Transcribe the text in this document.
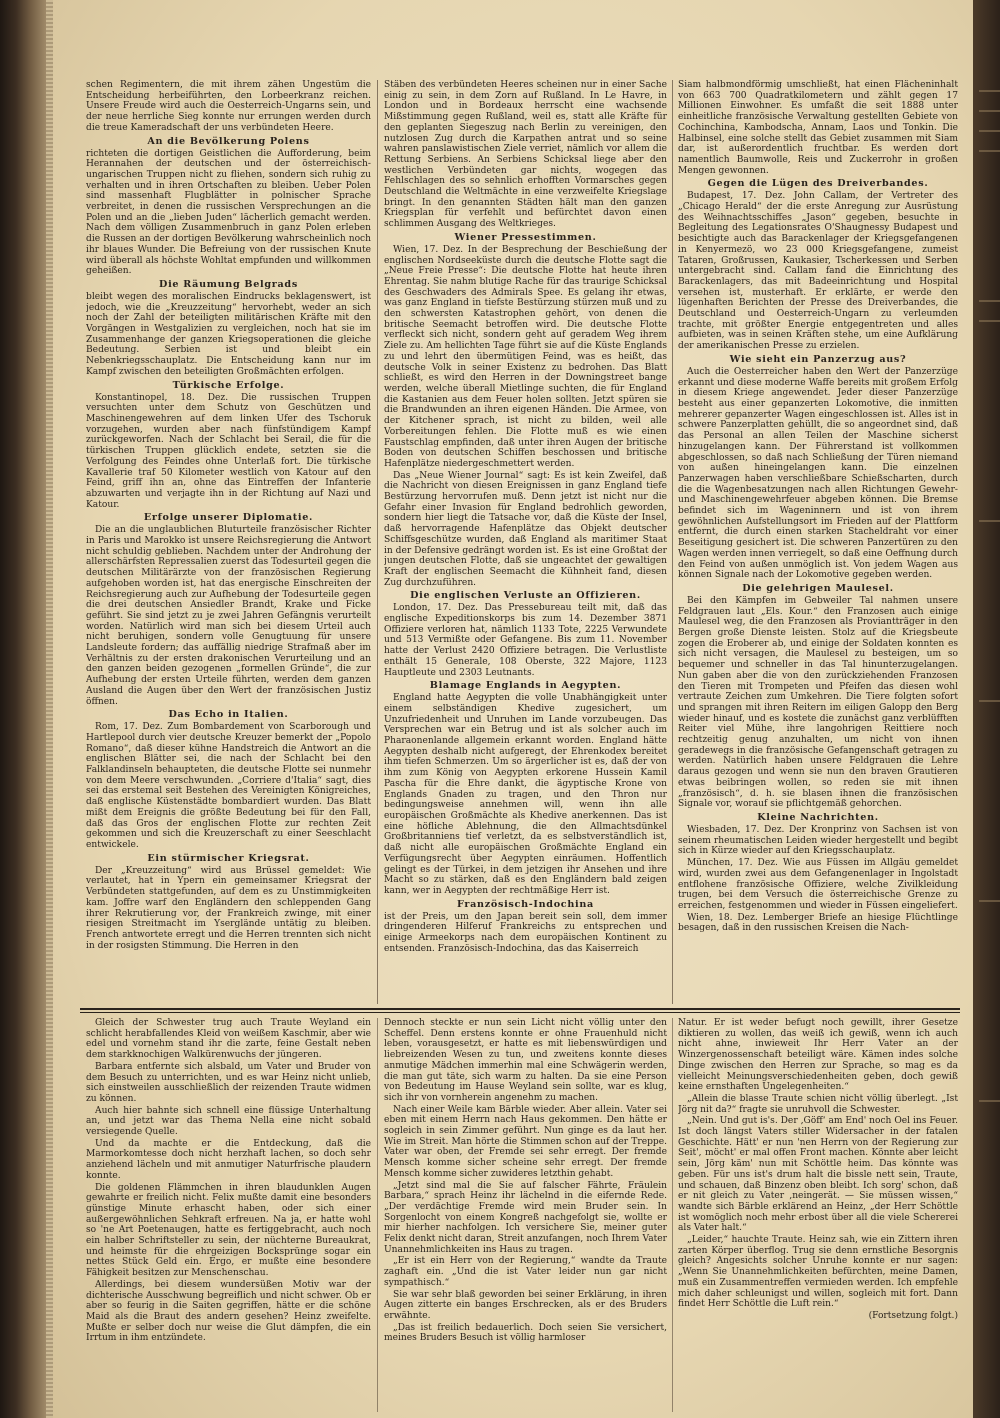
schen Regimentern, die mit ihrem zähen Ungestüm die Entscheidung herbeiführten, den Lorbeerkranz reichen. Unsere Freude wird auch die Oesterreich-Ungarns sein, und der neue herrliche Sieg konnte nur errungen werden durch die treue Kameradschaft der uns verbündeten Heere.

An die Bevölkerung Polens

richteten die dortigen Geistlichen die Aufforderung, beim Herannahen der deutschen und der österreichisch-ungarischen Truppen nicht zu fliehen, sondern sich ruhig zu verhalten und in ihren Ortschaften zu bleiben. Ueber Polen sind massenhaft Flugblätter in polnischer Sprache verbreitet, in denen die russischen Versprechungen an die Polen und an die „lieben Juden“ lächerlich gemacht werden. Nach dem völligen Zusammenbruch in ganz Polen erleben die Russen an der dortigen Bevölkerung wahrscheinlich noch ihr blaues Wunder. Die Befreiung von der russischen Knute wird überall als höchste Wohltat empfunden und willkommen geheißen.

Die Räumung Belgrads

bleibt wegen des moralischen Eindrucks beklagenswert, ist jedoch, wie die „Kreuzzeitung“ hervorhebt, weder an sich noch der Zahl der beteiligten militärischen Kräfte mit den Vorgängen in Westgalizien zu vergleichen, noch hat sie im Zusammenhange der ganzen Kriegsoperationen die gleiche Bedeutung. Serbien ist und bleibt ein Nebenkriegsschauplatz. Die Entscheidung kann nur im Kampf zwischen den beteiligten Großmächten erfolgen.

Türkische Erfolge.

Konstantinopel, 18. Dez. Die russischen Truppen versuchten unter dem Schutz von Geschützen und Maschinengewehren auf dem linken Ufer des Tschoruk vorzugehen, wurden aber nach fünfstündigem Kampf zurückgeworfen. Nach der Schlacht bei Serail, die für die türkischen Truppen glücklich endete, setzten sie die Verfolgung des Feindes ohne Unterlaß fort. Die türkische Kavallerie traf 50 Kilometer westlich von Katour auf den Feind, griff ihn an, ohne das Eintreffen der Infanterie abzuwarten und verjagte ihn in der Richtung auf Nazi und Katour.

Erfolge unserer Diplomatie.

Die an die unglaublichen Bluturteile französischer Richter in Paris und Marokko ist unsere Reichsregierung die Antwort nicht schuldig geblieben. Nachdem unter der Androhung der allerschärfsten Repressalien zuerst das Todesurteil gegen die deutschen Militärärzte von der französischen Regierung aufgehoben worden ist, hat das energische Einschreiten der Reichsregierung auch zur Aufhebung der Todesurteile gegen die drei deutschen Ansiedler Brandt, Krake und Ficke geführt. Sie sind jetzt zu je zwei Jahren Gefängnis verurteilt worden. Natürlich wird man sich bei diesem Urteil auch nicht beruhigen, sondern volle Genugtuung für unsere Landsleute fordern; das auffällig niedrige Strafmaß aber im Verhältnis zu der ersten drakonischen Verurteilung und an den ganzen beiden gezogenen „formellen Gründe“, die zur Aufhebung der ersten Urteile führten, werden dem ganzen Ausland die Augen über den Wert der französischen Justiz öffnen.

Das Echo in Italien.

Rom, 17. Dez. Zum Bombardement von Scarborough und Hartlepool durch vier deutsche Kreuzer bemerkt der „Popolo Romano“, daß dieser kühne Handstreich die Antwort an die englischen Blätter sei, die nach der Schlacht bei den Falklandinseln behaupteten, die deutsche Flotte sei nunmehr von dem Meere verschwunden. „Corriere d'Italia“ sagt, dies sei das erstemal seit Bestehen des Vereinigten Königreiches, daß englische Küstenstädte bombardiert wurden. Das Blatt mißt dem Ereignis die größte Bedeutung bei für den Fall, daß das Gros der englischen Flotte zur rechten Zeit gekommen und sich die Kreuzerschaft zu einer Seeschlacht entwickele.

Ein stürmischer Kriegsrat.

Der „Kreuzzeitung“ wird aus Brüssel gemeldet: Wie verlautet, hat in Ypern ein gemeinsamer Kriegsrat der Verbündeten stattgefunden, auf dem es zu Unstimmigkeiten kam. Joffre warf den Engländern den schleppenden Gang ihrer Rekrutierung vor, der Frankreich zwinge, mit einer riesigen Streitmacht im Yserglände untätig zu bleiben. French antwortete erregt und die Herren trennten sich nicht in der rosigsten Stimmung. Die Herren in den

Stäben des verbündeten Heeres scheinen nur in einer Sache einig zu sein, in dem Zorn auf Rußland. In Le Havre, in London und in Bordeaux herrscht eine wachsende Mißstimmung gegen Rußland, weil es, statt alle Kräfte für den geplanten Siegeszug nach Berlin zu vereinigen, den nutzlosen Zug durch die Karpathen antrat und so seine wahren panslawistischen Ziele verriet, nämlich vor allem die Rettung Serbiens. An Serbiens Schicksal liege aber den westlichen Verbündeten gar nichts, wogegen das Fehlschlagen des so sehnlich erhofften Vormarsches gegen Deutschland die Weltmächte in eine verzweifelte Kriegslage bringt. In den genannten Städten hält man den ganzen Kriegsplan für verfehlt und befürchtet davon einen schlimmen Ausgang des Weltkrieges.

Wiener Pressestimmen.

Wien, 17. Dez. In der Besprechung der Beschießung der englischen Nordseeküste durch die deutsche Flotte sagt die „Neue Freie Presse“: Die deutsche Flotte hat heute ihren Ehrentag. Sie nahm blutige Rache für das traurige Schicksal des Geschwaders des Admirals Spee. Es gelang ihr etwas, was ganz England in tiefste Bestürzung stürzen muß und zu den schwersten Katastrophen gehört, von denen die britische Seemacht betroffen wird. Die deutsche Flotte verfleckt sich nicht, sondern geht auf geradem Weg ihrem Ziele zu. Am hellichten Tage führt sie auf die Küste Englands zu und lehrt den übermütigen Feind, was es heißt, das deutsche Volk in seiner Existenz zu bedrohen. Das Blatt schließt, es wird den Herren in der Downingstreet bange werden, welche überall Mietlinge suchten, die für England die Kastanien aus dem Feuer holen sollten. Jetzt spüren sie die Brandwunden an ihren eigenen Händen. Die Armee, von der Kitchener sprach, ist nicht zu bilden, weil alle Vorbereitungen fehlen. Die Flotte muß es wie einen Faustschlag empfinden, daß unter ihren Augen der britische Boden von deutschen Schiffen beschossen und britische Hafenplätze niedergeschmettert werden.

Das „Neue Wiener Journal“ sagt: Es ist kein Zweifel, daß die Nachricht von diesen Ereignissen in ganz England tiefe Bestürzung hervorrufen muß. Denn jetzt ist nicht nur die Gefahr einer Invasion für England bedrohlich geworden, sondern hier liegt die Tatsache vor, daß die Küste der Insel, daß hervorragende Hafenplätze das Objekt deutscher Schiffsgeschütze wurden, daß England als maritimer Staat in der Defensive gedrängt worden ist. Es ist eine Großtat der jungen deutschen Flotte, daß sie ungeachtet der gewaltigen Kraft der englischen Seemacht die Kühnheit fand, diesen Zug durchzuführen.

Die englischen Verluste an Offizieren.

London, 17. Dez. Das Pressebureau teilt mit, daß das englische Expeditionskorps bis zum 14. Dezember 3871 Offiziere verloren hat, nämlich 1133 Tote, 2225 Verwundete und 513 Vermißte oder Gefangene. Bis zum 11. November hatte der Verlust 2420 Offiziere betragen. Die Verlustliste enthält 15 Generale, 108 Oberste, 322 Majore, 1123 Hauptleute und 2303 Leutnants.

Blamage Englands in Aegypten.

England hatte Aegypten die volle Unabhängigkeit unter einem selbständigen Khedive zugesichert, um Unzufriedenheit und Unruhen im Lande vorzubeugen. Das Versprechen war ein Betrug und ist als solcher auch im Pharaonenlande allgemein erkannt worden. England hätte Aegypten deshalb nicht aufgeregt, der Ehrenkodex bereitet ihm tiefen Schmerzen. Um so ärgerlicher ist es, daß der von ihm zum König von Aegypten erkorene Hussein Kamil Pascha für die Ehre dankt, die ägyptische Krone von Englands Gnaden zu tragen, und den Thron nur bedingungsweise annehmen will, wenn ihn alle europäischen Großmächte als Khedive anerkennen. Das ist eine höfliche Ablehnung, die den Allmachtsdünkel Großbritanniens tief verletzt, da es selbstverständlich ist, daß nicht alle europäischen Großmächte England ein Verfügungsrecht über Aegypten einräumen. Hoffentlich gelingt es der Türkei, in dem jetzigen ihr Ansehen und ihre Macht so zu stärken, daß es den Engländern bald zeigen kann, wer in Aegypten der rechtmäßige Herr ist.

Französisch-Indochina

ist der Preis, um den Japan bereit sein soll, dem immer dringenderen Hilferuf Frankreichs zu entsprechen und einige Armeekorps nach dem europäischen Kontinent zu entsenden. Französisch-Indochina, das das Kaiserreich

Siam halbmondförmig umschließt, hat einen Flächeninhalt von 663 700 Quadratkilometern und zählt gegen 17 Millionen Einwohner. Es umfaßt die seit 1888 unter einheitliche französische Verwaltung gestellten Gebiete von Cochinchina, Kambodscha, Annam, Laos und Tonkin. Die Halbinsel, eine solche stellt das Gebiet zusammen mit Siam dar, ist außerordentlich fruchtbar. Es werden dort namentlich Baumwolle, Reis und Zuckerrohr in großen Mengen gewonnen.

Gegen die Lügen des Dreiverbandes.

Budapest, 17. Dez. John Callam, der Vertreter des „Chicago Herald“ der die erste Anregung zur Ausrüstung des Weihnachtsschiffes „Jason“ gegeben, besuchte in Begleitung des Legationsrates O'Shaugnessy Budapest und besichtigte auch das Barackenlager der Kriegsgefangenen in Kenyermezö, wo 23 000 Kriegsgefangene, zumeist Tataren, Großrussen, Kaukasier, Tscherkessen und Serben untergebracht sind. Callam fand die Einrichtung des Barackenlagers, das mit Badeeinrichtung und Hospital versehen ist, musterhaft. Er erklärte, er werde den lügenhaften Berichten der Presse des Dreiverbandes, die Deutschland und Oesterreich-Ungarn zu verleumden trachte, mit größter Energie entgegentreten und alles aufbieten, was in seinen Kräften stehe, um eine Aufklärung der amerikanischen Presse zu erzielen.

Wie sieht ein Panzerzug aus?

Auch die Oesterreicher haben den Wert der Panzerzüge erkannt und diese moderne Waffe bereits mit großem Erfolg in diesem Kriege angewendet. Jeder dieser Panzerzüge besteht aus einer gepanzerten Lokomotive, die inmitten mehrerer gepanzerter Wagen eingeschlossen ist. Alles ist in schwere Panzerplatten gehüllt, die so angeordnet sind, daß das Personal an allen Teilen der Maschine sicherst hinzugelangen kann. Der Führerstand ist vollkommen abgeschlossen, so daß nach Schließung der Türen niemand von außen hineingelangen kann. Die einzelnen Panzerwagen haben verschließbare Schießscharten, durch die die Wagenbesatzungen nach allen Richtungen Gewehr- und Maschinengewehrfeuer abgeben können. Die Bremse befindet sich im Wageninnern und ist von ihrem gewöhnlichen Aufstellungsort im Frieden auf der Plattform entfernt, die durch einen starken Stacheldraht vor einer Beseitigung gesichert ist. Die schweren Panzertüren zu den Wagen werden innen verriegelt, so daß eine Oeffnung durch den Feind von außen unmöglich ist. Von jedem Wagen aus können Signale nach der Lokomotive gegeben werden.

Die gelehrigen Maulesel.

Bei den Kämpfen im Gebweiler Tal nahmen unsere Feldgrauen laut „Els. Kour.“ den Franzosen auch einige Maulesel weg, die den Franzosen als Proviantträger in den Bergen große Dienste leisten. Stolz auf die Kriegsbeute zogen die Eroberer ab, und einige der Soldaten konnten es sich nicht versagen, die Maulesel zu besteigen, um so bequemer und schneller in das Tal hinunterzugelangen. Nun gaben aber die von den zurückziehenden Franzosen den Tieren mit Trompeten und Pfeifen das diesen wohl vertraute Zeichen zum Umkehren. Die Tiere folgten sofort und sprangen mit ihren Reitern im eiligen Galopp den Berg wieder hinauf, und es kostete die zunächst ganz verblüfften Reiter viel Mühe, ihre langohrigen Reittiere noch rechtzeitig genug anzuhalten, um nicht von ihnen geradewegs in die französische Gefangenschaft getragen zu werden. Natürlich haben unsere Feldgrauen die Lehre daraus gezogen und wenn sie nun den braven Grautieren etwas beibringen wollen, so reden sie mit ihnen „französisch“, d. h. sie blasen ihnen die französischen Signale vor, worauf sie pflichtgemäß gehorchen.

Kleine Nachrichten.

Wiesbaden, 17. Dez. Der Kronprinz von Sachsen ist von seinem rheumatischen Leiden wieder hergestellt und begibt sich in Kürze wieder auf den Kriegsschauplatz.

München, 17. Dez. Wie aus Füssen im Allgäu gemeldet wird, wurden zwei aus dem Gefangenenlager in Ingolstadt entflohene französische Offiziere, welche Zivilkleidung trugen, bei dem Versuch die österreichische Grenze zu erreichen, festgenommen und wieder in Füssen eingeliefert.

Wien, 18. Dez. Lemberger Briefe an hiesige Flüchtlinge besagen, daß in den russischen Kreisen die Nach-

Gleich der Schwester trug auch Traute Weyland ein schlicht herabfallendes Kleid von weißem Kaschmir, aber wie edel und vornehm stand ihr die zarte, feine Gestalt neben dem starkknochigen Walkürenwuchs der jüngeren.

Barbara entfernte sich alsbald, um Vater und Bruder von dem Besuch zu unterrichten, und es war Heinz nicht unlieb, sich einstweilen ausschließlich der reizenden Traute widmen zu können.

Auch hier bahnte sich schnell eine flüssige Unterhaltung an, und jetzt war das Thema Nella eine nicht sobald versiegende Quelle.

Und da machte er die Entdeckung, daß die Marmorkomtesse doch nicht herzhaft lachen, so doch sehr anziehend lächeln und mit anmutiger Naturfrische plaudern konnte.

Die goldenen Flämmchen in ihren blaudunklen Augen gewahrte er freilich nicht. Felix mußte damit eine besonders günstige Minute erhascht haben, oder sich einer außergewöhnlichen Sehkraft erfreuen. Na ja, er hatte wohl so 'ne Art Poetenaugen, hatte es fertiggebracht, auch noch ein halber Schriftsteller zu sein, der nüchterne Bureaukrat, und heimste für die ehrgeizigen Bocksprünge sogar ein nettes Stück Geld ein. Ergo, er mußte eine besondere Fähigkeit besitzen zur Menschenschau.

Allerdings, bei diesem wundersüßen Motiv war der dichterische Ausschwung begreiflich und nicht schwer. Ob er aber so feurig in die Saiten gegriffen, hätte er die schöne Maid als die Braut des andern gesehen? Heinz zweifelte. Mußte er selber doch nur weise die Glut dämpfen, die ein Irrtum in ihm entzündete.

Dennoch steckte er nun sein Licht nicht völlig unter den Scheffel. Denn erstens konnte er ohne Frauenhuld nicht leben, vorausgesetzt, er hatte es mit liebenswürdigen und liebreizenden Wesen zu tun, und zweitens konnte dieses anmutige Mädchen immerhin mal eine Schwägerin werden, die man gut täte, sich warm zu halten. Da sie eine Person von Bedeutung im Hause Weyland sein sollte, war es klug, sich ihr von vornherein angenehm zu machen.

Nach einer Weile kam Bärble wieder. Aber allein. Vater sei eben mit einem Herrn nach Haus gekommen. Den hätte er sogleich in sein Zimmer geführt. Nun ginge es da laut her. Wie im Streit. Man hörte die Stimmen schon auf der Treppe. Vater war oben, der Fremde sei sehr erregt. Der fremde Mensch komme sicher scheine sehr erregt. Der fremde Mensch komme sicher zuwideres letzthin gehabt.

„Jetzt sind mal die Sie auf falscher Fährte, Fräulein Barbara,“ sprach Heinz ihr lächelnd in die eifernde Rede. „Der verdächtige Fremde wird mein Bruder sein. In Sorgenlocht von einem Kongreß nachgefolgt sie, wollte er mir hierher nachfolgen. Ich versichere Sie, meiner guter Felix denkt nicht daran, Streit anzufangen, noch Ihrem Vater Unannehmlichkeiten ins Haus zu tragen.

„Er ist ein Herr von der Regierung,“ wandte da Traute zaghaft ein. „Und die ist Vater leider nun gar nicht sympathisch.“

Sie war sehr blaß geworden bei seiner Erklärung, in ihren Augen zitterte ein banges Erschrecken, als er des Bruders erwähnte.

„Das ist freilich bedauerlich. Doch seien Sie versichert, meines Bruders Besuch ist völlig harmloser

Natur. Er ist weder befugt noch gewillt, ihrer Gesetze diktieren zu wollen, das weiß ich gewiß, wenn ich auch nicht ahne, inwieweit Ihr Herr Vater an der Winzergenossenschaft beteiligt wäre. Kämen indes solche Dinge zwischen den Herren zur Sprache, so mag es da vielleicht Meinungsverschiedenheiten geben, doch gewiß keine ernsthaften Ungelegenheiten.“

„Allein die blasse Traute schien nicht völlig überlegt. „Ist Jörg nit da?“ fragte sie unruhvoll die Schwester.

„Nein. Und gut is's. Der ‚Göff‘ am End' noch Oel ins Feuer. Ist doch längst Vaters stiller Widersacher in der fatalen Geschichte. Hätt' er nun 'nen Herrn von der Regierung zur Seit', möcht' er mal offen Front machen. Könnte aber leicht sein, Jörg käm' nun mit Schöttle heim. Das könnte was geben. Für uns ist's drum halt die bissle nett sein, Traute, und schauen, daß Binzenz oben bleibt. Ich sorg' schon, daß er nit gleich zu Vater ‚neingerät. — Sie müssen wissen,“ wandte sich Bärble erklärend an Heinz, „der Herr Schöttle ist womöglich noch mehr erbost über all die viele Schererei als Vater halt.“

„Leider,“ hauchte Traute. Heinz sah, wie ein Zittern ihren zarten Körper überflog. Trug sie denn ernstliche Besorgnis gleich? Angesichts solcher Unruhe konnte er nur sagen: „Wenn Sie Unannehmlichkeiten befürchten, meine Damen, muß ein Zusammentreffen vermieden werden. Ich empfehle mich daher schleunigst und willen, sogleich mit fort. Dann findet Herr Schöttle die Luft rein.“

(Fortsetzung folgt.)
